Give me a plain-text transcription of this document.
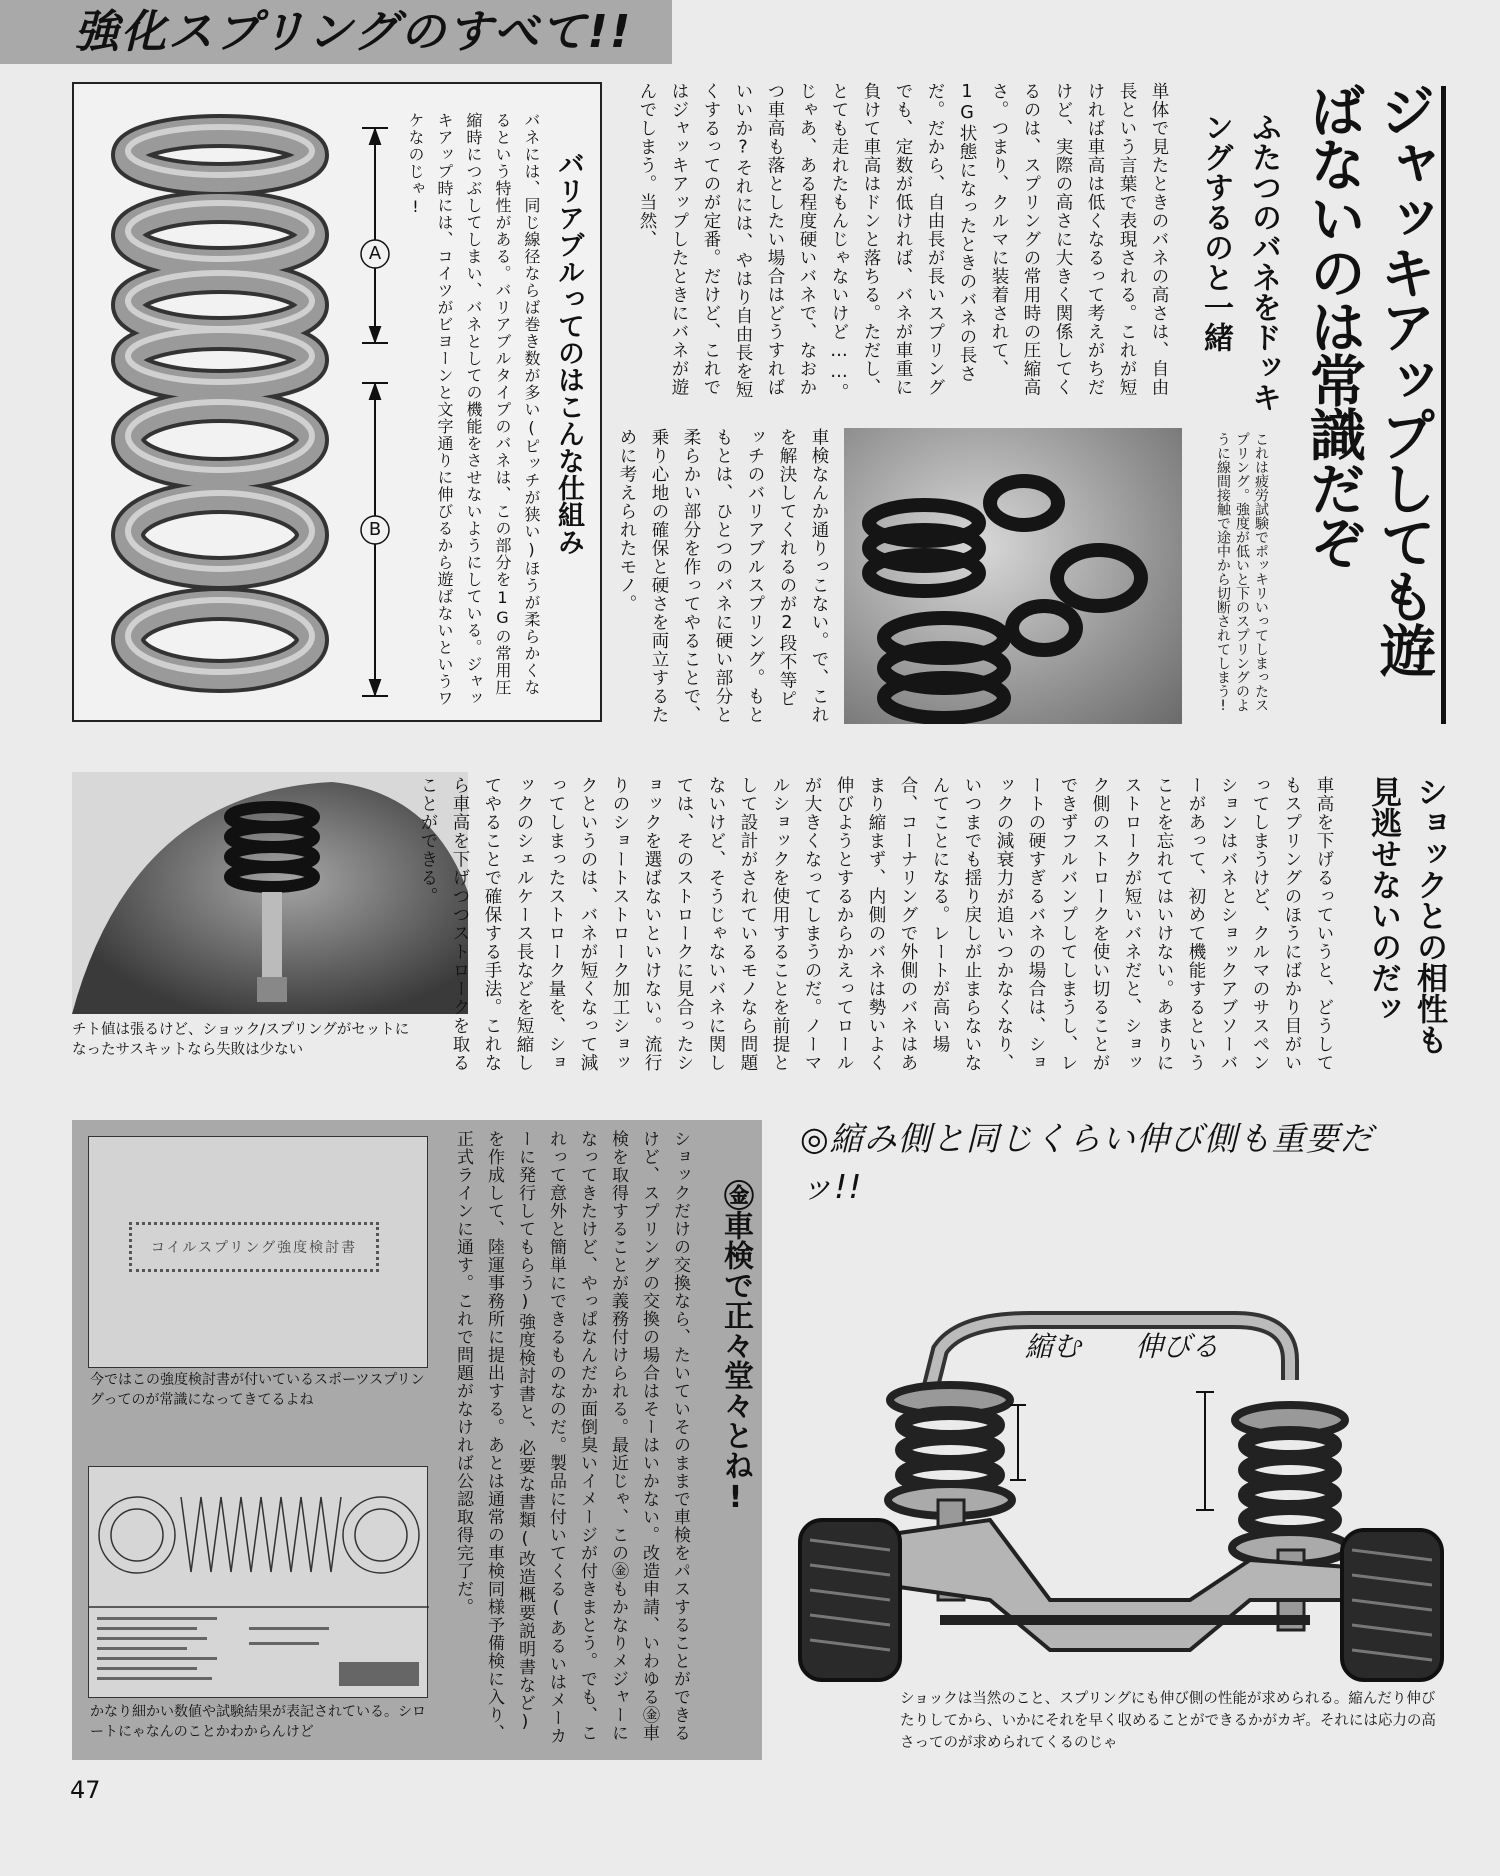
強化スプリングのすべて!!
A
B	バリアブルってのはこんな仕組み
バネには、同じ線径ならば巻き数が多い(ピッチが狭い)ほうが柔らかくなるという特性がある。バリアブルタイプのバネは、この部分を1Gの常用圧縮時につぶしてしまい、バネとしての機能をさせないようにしている。ジャッキアップ時には、コイツがビヨーンと文字通りに伸びるから遊ばないというワケなのじゃ!	ジャッキアップしても遊ばないのは常識だぞ
ふたつのバネをドッキングするのと一緒
単体で見たときのバネの高さは、自由長という言葉で表現される。これが短ければ車高は低くなるって考えがちだけど、実際の高さに大きく関係してくるのは、スプリングの常用時の圧縮高さ。つまり、クルマに装着されて、1G状態になったときのバネの長さだ。だから、自由長が長いスプリングでも、定数が低ければ、バネが車重に負けて車高はドンと落ちる。ただし、とても走れたもんじゃないけど……。じゃあ、ある程度硬いバネで、なおかつ車高も落としたい場合はどうすればいいか?それには、やはり自由長を短くするってのが定番。だけど、これではジャッキアップしたときにバネが遊んでしまう。当然、
車検なんか通りっこない。で、これを解決してくれるのが2段不等ピッチのバリアブルスプリング。もともとは、ひとつのバネに硬い部分と柔らかい部分を作ってやることで、乗り心地の確保と硬さを両立するために考えられたモノ。	これは疲労試験でポッキリいってしまったスプリング。強度が低いと下のスプリングのように線間接触で途中から切断されてしまう!
チト値は張るけど、ショック/スプリングがセットになったサスキットなら失敗は少ない	ショックとの相性も見逃せないのだッ
車高を下げるっていうと、どうしてもスプリングのほうにばかり目がいってしまうけど、クルマのサスペンションはバネとショックアブソーバーがあって、初めて機能するということを忘れてはいけない。あまりにストロークが短いバネだと、ショック側のストロークを使い切ることができずフルバンプしてしまうし、レートの硬すぎるバネの場合は、ショックの減衰力が追いつかなくなり、いつまでも揺り戻しが止まらないなんてことになる。レートが高い場合、コーナリングで外側のバネはあまり縮まず、内側のバネは勢いよく伸びようとするからかえってロールが大きくなってしまうのだ。ノーマルショックを使用することを前提として設計がされているモノなら問題ないけど、そうじゃないバネに関しては、そのストロークに見合ったショックを選ばないといけない。流行りのショートストローク加工ショックというのは、バネが短くなって減ってしまったストローク量を、ショックのシェルケース長などを短縮してやることで確保する手法。これなら車高を下げつつストロークを取ることができる。
㊎車検で正々堂々とね!
ショックだけの交換なら、たいていそのままで車検をパスすることができるけど、スプリングの交換の場合はそーはいかない。改造申請、いわゆる㊎車検を取得することが義務付けられる。最近じゃ、この㊎もかなりメジャーになってきたけど、やっぱなんだか面倒臭いイメージが付きまとう。でも、これって意外と簡単にできるものなのだ。製品に付いてくる(あるいはメーカーに発行してもらう)強度検討書と、必要な書類(改造概要説明書など)を作成して、陸運事務所に提出する。あとは通常の車検同様予備検に入り、正式ラインに通す。これで問題がなければ公認取得完了だ。
コイルスプリング強度検討書
今ではこの強度検討書が付いているスポーツスプリングってのが常識になってきてるよね
かなり細かい数値や試験結果が表記されている。シロートにゃなんのことかわからんけど
◎縮み側と同じくらい伸び側も重要だッ!!
縮む 伸びる
ショックは当然のこと、スプリングにも伸び側の性能が求められる。縮んだり伸びたりしてから、いかにそれを早く収めることができるかがカギ。それには応力の高さってのが求められてくるのじゃ
47
